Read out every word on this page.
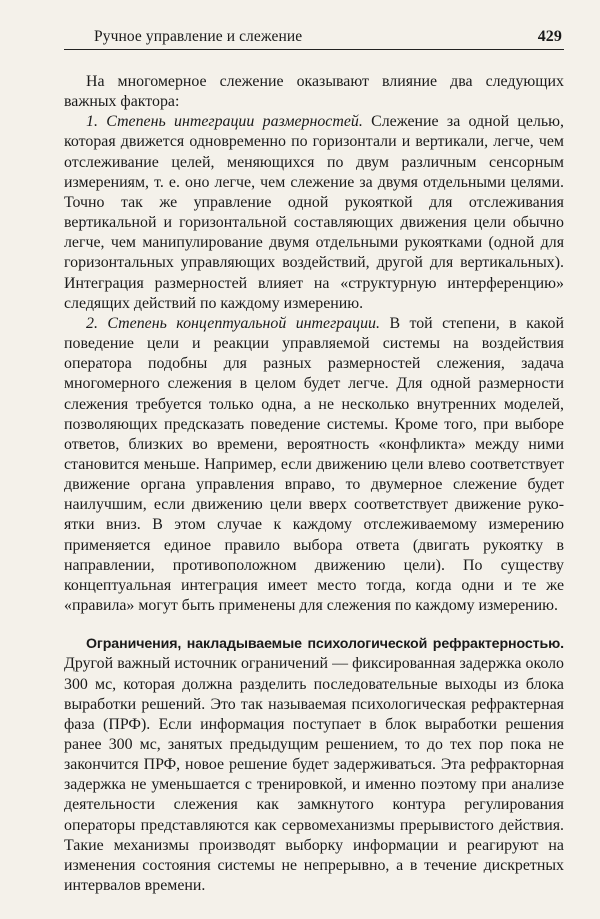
Ручное управление и слежение	429

На многомерное слежение оказывают влияние два следующих важных фактора:

1. Степень интеграции размерностей. Слежение за одной целью, которая движется одновременно по горизонтали и вертикали, легче, чем отслеживание целей, меняющихся по двум различным сенсорным измерениям, т. е. оно легче, чем слежение за двумя отдельными целями. Точно так же управление одной рукояткой для отслеживания вертикальной и горизонтальной составляющих движения цели обычно легче, чем манипулирование двумя отдельными рукоятками (одной для горизонтальных управляющих воздействий, другой для вертикальных). Интеграция размерностей влияет на «структурную интерференцию» следящих действий по каждому измерению.

2. Степень концептуальной интеграции. В той степени, в какой поведение цели и реакции управляемой системы на воздействия оператора подобны для разных размерностей слежения, задача многомерного слежения в целом будет легче. Для одной размерности слежения требуется только одна, а не несколько внутренних моделей, позволяющих предсказать поведение системы. Кроме того, при выборе ответов, близких во времени, вероятность «конфликта» между ними становится меньше. Например, если движению цели влево соответствует движение органа управления вправо, то двумерное слежение будет наилучшим, если движению цели вверх соответствует движение рукоятки вниз. В этом случае к каждому отслеживаемому измерению применяется единое правило выбора ответа (двигать рукоятку в направлении, противоположном движению цели). По существу концептуальная интеграция имеет место тогда, когда одни и те же «правила» могут быть применены для слежения по каждому измерению.

Ограничения, накладываемые психологической рефрактерностью. Другой важный источник ограничений — фиксированная задержка около 300 мс, которая должна разделить последовательные выходы из блока выработки решений. Это так называемая психологическая рефрактерная фаза (ПРФ). Если информация поступает в блок выработки решения ранее 300 мс, занятых предыдущим решением, то до тех пор пока не закончится ПРФ, новое решение будет задерживаться. Эта рефракторная задержка не уменьшается с тренировкой, и именно поэтому при анализе деятельности слежения как замкнутого контура регулирования операторы представляются как сервомеханизмы прерывистого действия. Такие механизмы производят выборку информации и реагируют на изменения состояния системы не непрерывно, а в течение дискретных интервалов времени.
